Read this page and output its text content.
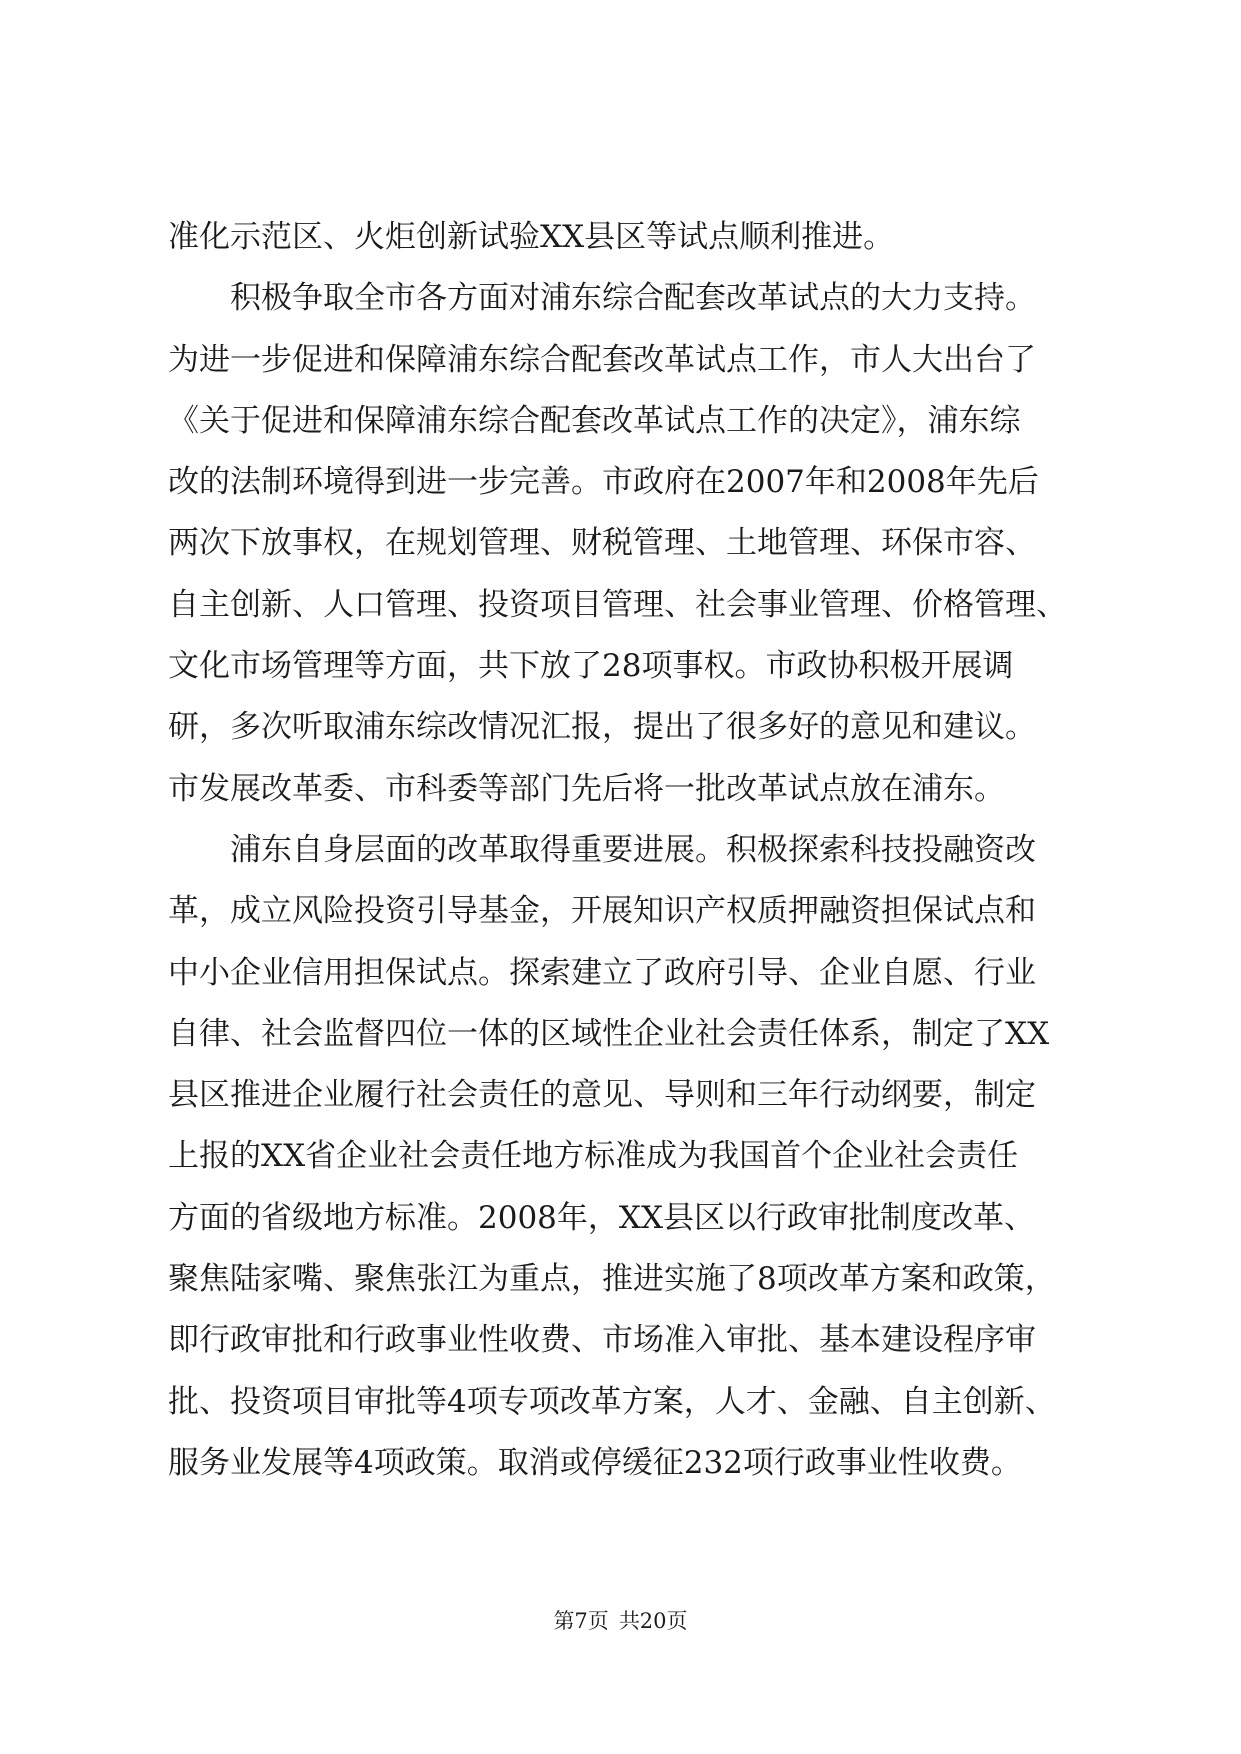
准化示范区、火炬创新试验XX县区等试点顺利推进。
积极争取全市各方面对浦东综合配套改革试点的大力支持。
为进一步促进和保障浦东综合配套改革试点工作，市人大出台了
《关于促进和保障浦东综合配套改革试点工作的决定》，浦东综
改的法制环境得到进一步完善。市政府在2007年和2008年先后
两次下放事权，在规划管理、财税管理、土地管理、环保市容、
自主创新、人口管理、投资项目管理、社会事业管理、价格管理、
文化市场管理等方面，共下放了28项事权。市政协积极开展调
研，多次听取浦东综改情况汇报，提出了很多好的意见和建议。
市发展改革委、市科委等部门先后将一批改革试点放在浦东。
浦东自身层面的改革取得重要进展。积极探索科技投融资改
革，成立风险投资引导基金，开展知识产权质押融资担保试点和
中小企业信用担保试点。探索建立了政府引导、企业自愿、行业
自律、社会监督四位一体的区域性企业社会责任体系，制定了XX
县区推进企业履行社会责任的意见、导则和三年行动纲要，制定
上报的XX省企业社会责任地方标准成为我国首个企业社会责任
方面的省级地方标准。2008年，XX县区以行政审批制度改革、
聚焦陆家嘴、聚焦张江为重点，推进实施了8项改革方案和政策，
即行政审批和行政事业性收费、市场准入审批、基本建设程序审
批、投资项目审批等4项专项改革方案，人才、金融、自主创新、
服务业发展等4项政策。取消或停缓征232项行政事业性收费。
第7页 共20页
